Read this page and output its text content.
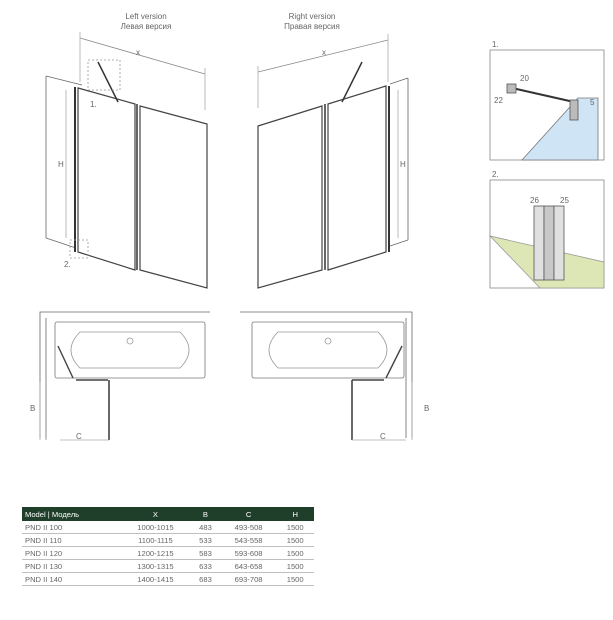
Left version
Левая версия
Right version
Правая версия
x	x
H	H
1.
2.
B
C
B
C
1.
20
22	5
2.
26	25
Model | Модель	X	B	C	H
PND II 100	1000-1015	483	493-508	1500
PND II 110	1100-1115	533	543-558	1500
PND II 120	1200-1215	583	593-608	1500
PND II 130	1300-1315	633	643-658	1500
PND II 140	1400-1415	683	693-708	1500
